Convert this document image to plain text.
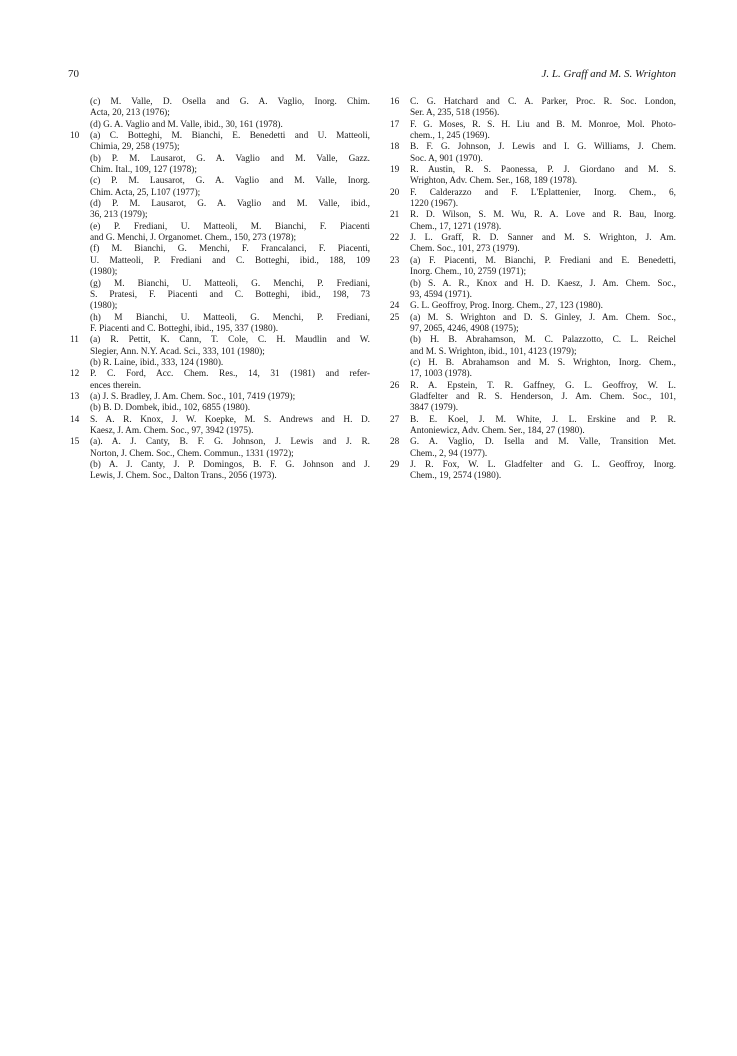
70	J. L. Graff and M. S. Wrighton
(c) M. Valle, D. Osella and G. A. Vaglio, Inorg. Chim.
Acta, 20, 213 (1976);
(d) G. A. Vaglio and M. Valle, ibid., 30, 161 (1978).
10	(a) C. Botteghi, M. Bianchi, E. Benedetti and U. Matteoli,
Chimia, 29, 258 (1975);
(b) P. M. Lausarot, G. A. Vaglio and M. Valle, Gazz.
Chim. Ital., 109, 127 (1978);
(c) P. M. Lausarot, G. A. Vaglio and M. Valle, Inorg.
Chim. Acta, 25, L107 (1977);
(d) P. M. Lausarot, G. A. Vaglio and M. Valle, ibid.,
36, 213 (1979);
(e) P. Frediani, U. Matteoli, M. Bianchi, F. Piacenti
and G. Menchi, J. Organomet. Chem., 150, 273 (1978);
(f) M. Bianchi, G. Menchi, F. Francalanci, F. Piacenti,
U. Matteoli, P. Frediani and C. Botteghi, ibid., 188, 109
(1980);
(g) M. Bianchi, U. Matteoli, G. Menchi, P. Frediani,
S. Pratesi, F. Piacenti and C. Botteghi, ibid., 198, 73
(1980);
(h) M Bianchi, U. Matteoli, G. Menchi, P. Frediani,
F. Piacenti and C. Botteghi, ibid., 195, 337 (1980).
11	(a) R. Pettit, K. Cann, T. Cole, C. H. Maudlin and W.
Slegier, Ann. N.Y. Acad. Sci., 333, 101 (1980);
(b) R. Laine, ibid., 333, 124 (1980).
12	P. C. Ford, Acc. Chem. Res., 14, 31 (1981) and refer-
ences therein.
13	(a) J. S. Bradley, J. Am. Chem. Soc., 101, 7419 (1979);
(b) B. D. Dombek, ibid., 102, 6855 (1980).
14	S. A. R. Knox, J. W. Koepke, M. S. Andrews and H. D.
Kaesz, J. Am. Chem. Soc., 97, 3942 (1975).
15	(a). A. J. Canty, B. F. G. Johnson, J. Lewis and J. R.
Norton, J. Chem. Soc., Chem. Commun., 1331 (1972);
(b) A. J. Canty, J. P. Domingos, B. F. G. Johnson and J.
Lewis, J. Chem. Soc., Dalton Trans., 2056 (1973).
16	C. G. Hatchard and C. A. Parker, Proc. R. Soc. London,
Ser. A, 235, 518 (1956).
17	F. G. Moses, R. S. H. Liu and B. M. Monroe, Mol. Photo-
chem., 1, 245 (1969).
18	B. F. G. Johnson, J. Lewis and I. G. Williams, J. Chem.
Soc. A, 901 (1970).
19	R. Austin, R. S. Paonessa, P. J. Giordano and M. S.
Wrighton, Adv. Chem. Ser., 168, 189 (1978).
20	F. Calderazzo and F. L'Eplattenier, Inorg. Chem., 6,
1220 (1967).
21	R. D. Wilson, S. M. Wu, R. A. Love and R. Bau, Inorg.
Chem., 17, 1271 (1978).
22	J. L. Graff, R. D. Sanner and M. S. Wrighton, J. Am.
Chem. Soc., 101, 273 (1979).
23	(a) F. Piacenti, M. Bianchi, P. Frediani and E. Benedetti,
Inorg. Chem., 10, 2759 (1971);
(b) S. A. R., Knox and H. D. Kaesz, J. Am. Chem. Soc.,
93, 4594 (1971).
24	G. L. Geoffroy, Prog. Inorg. Chem., 27, 123 (1980).
25	(a) M. S. Wrighton and D. S. Ginley, J. Am. Chem. Soc.,
97, 2065, 4246, 4908 (1975);
(b) H. B. Abrahamson, M. C. Palazzotto, C. L. Reichel
and M. S. Wrighton, ibid., 101, 4123 (1979);
(c) H. B. Abrahamson and M. S. Wrighton, Inorg. Chem.,
17, 1003 (1978).
26	R. A. Epstein, T. R. Gaffney, G. L. Geoffroy, W. L.
Gladfelter and R. S. Henderson, J. Am. Chem. Soc., 101,
3847 (1979).
27	B. E. Koel, J. M. White, J. L. Erskine and P. R.
Antoniewicz, Adv. Chem. Ser., 184, 27 (1980).
28	G. A. Vaglio, D. Isella and M. Valle, Transition Met.
Chem., 2, 94 (1977).
29	J. R. Fox, W. L. Gladfelter and G. L. Geoffroy, Inorg.
Chem., 19, 2574 (1980).
